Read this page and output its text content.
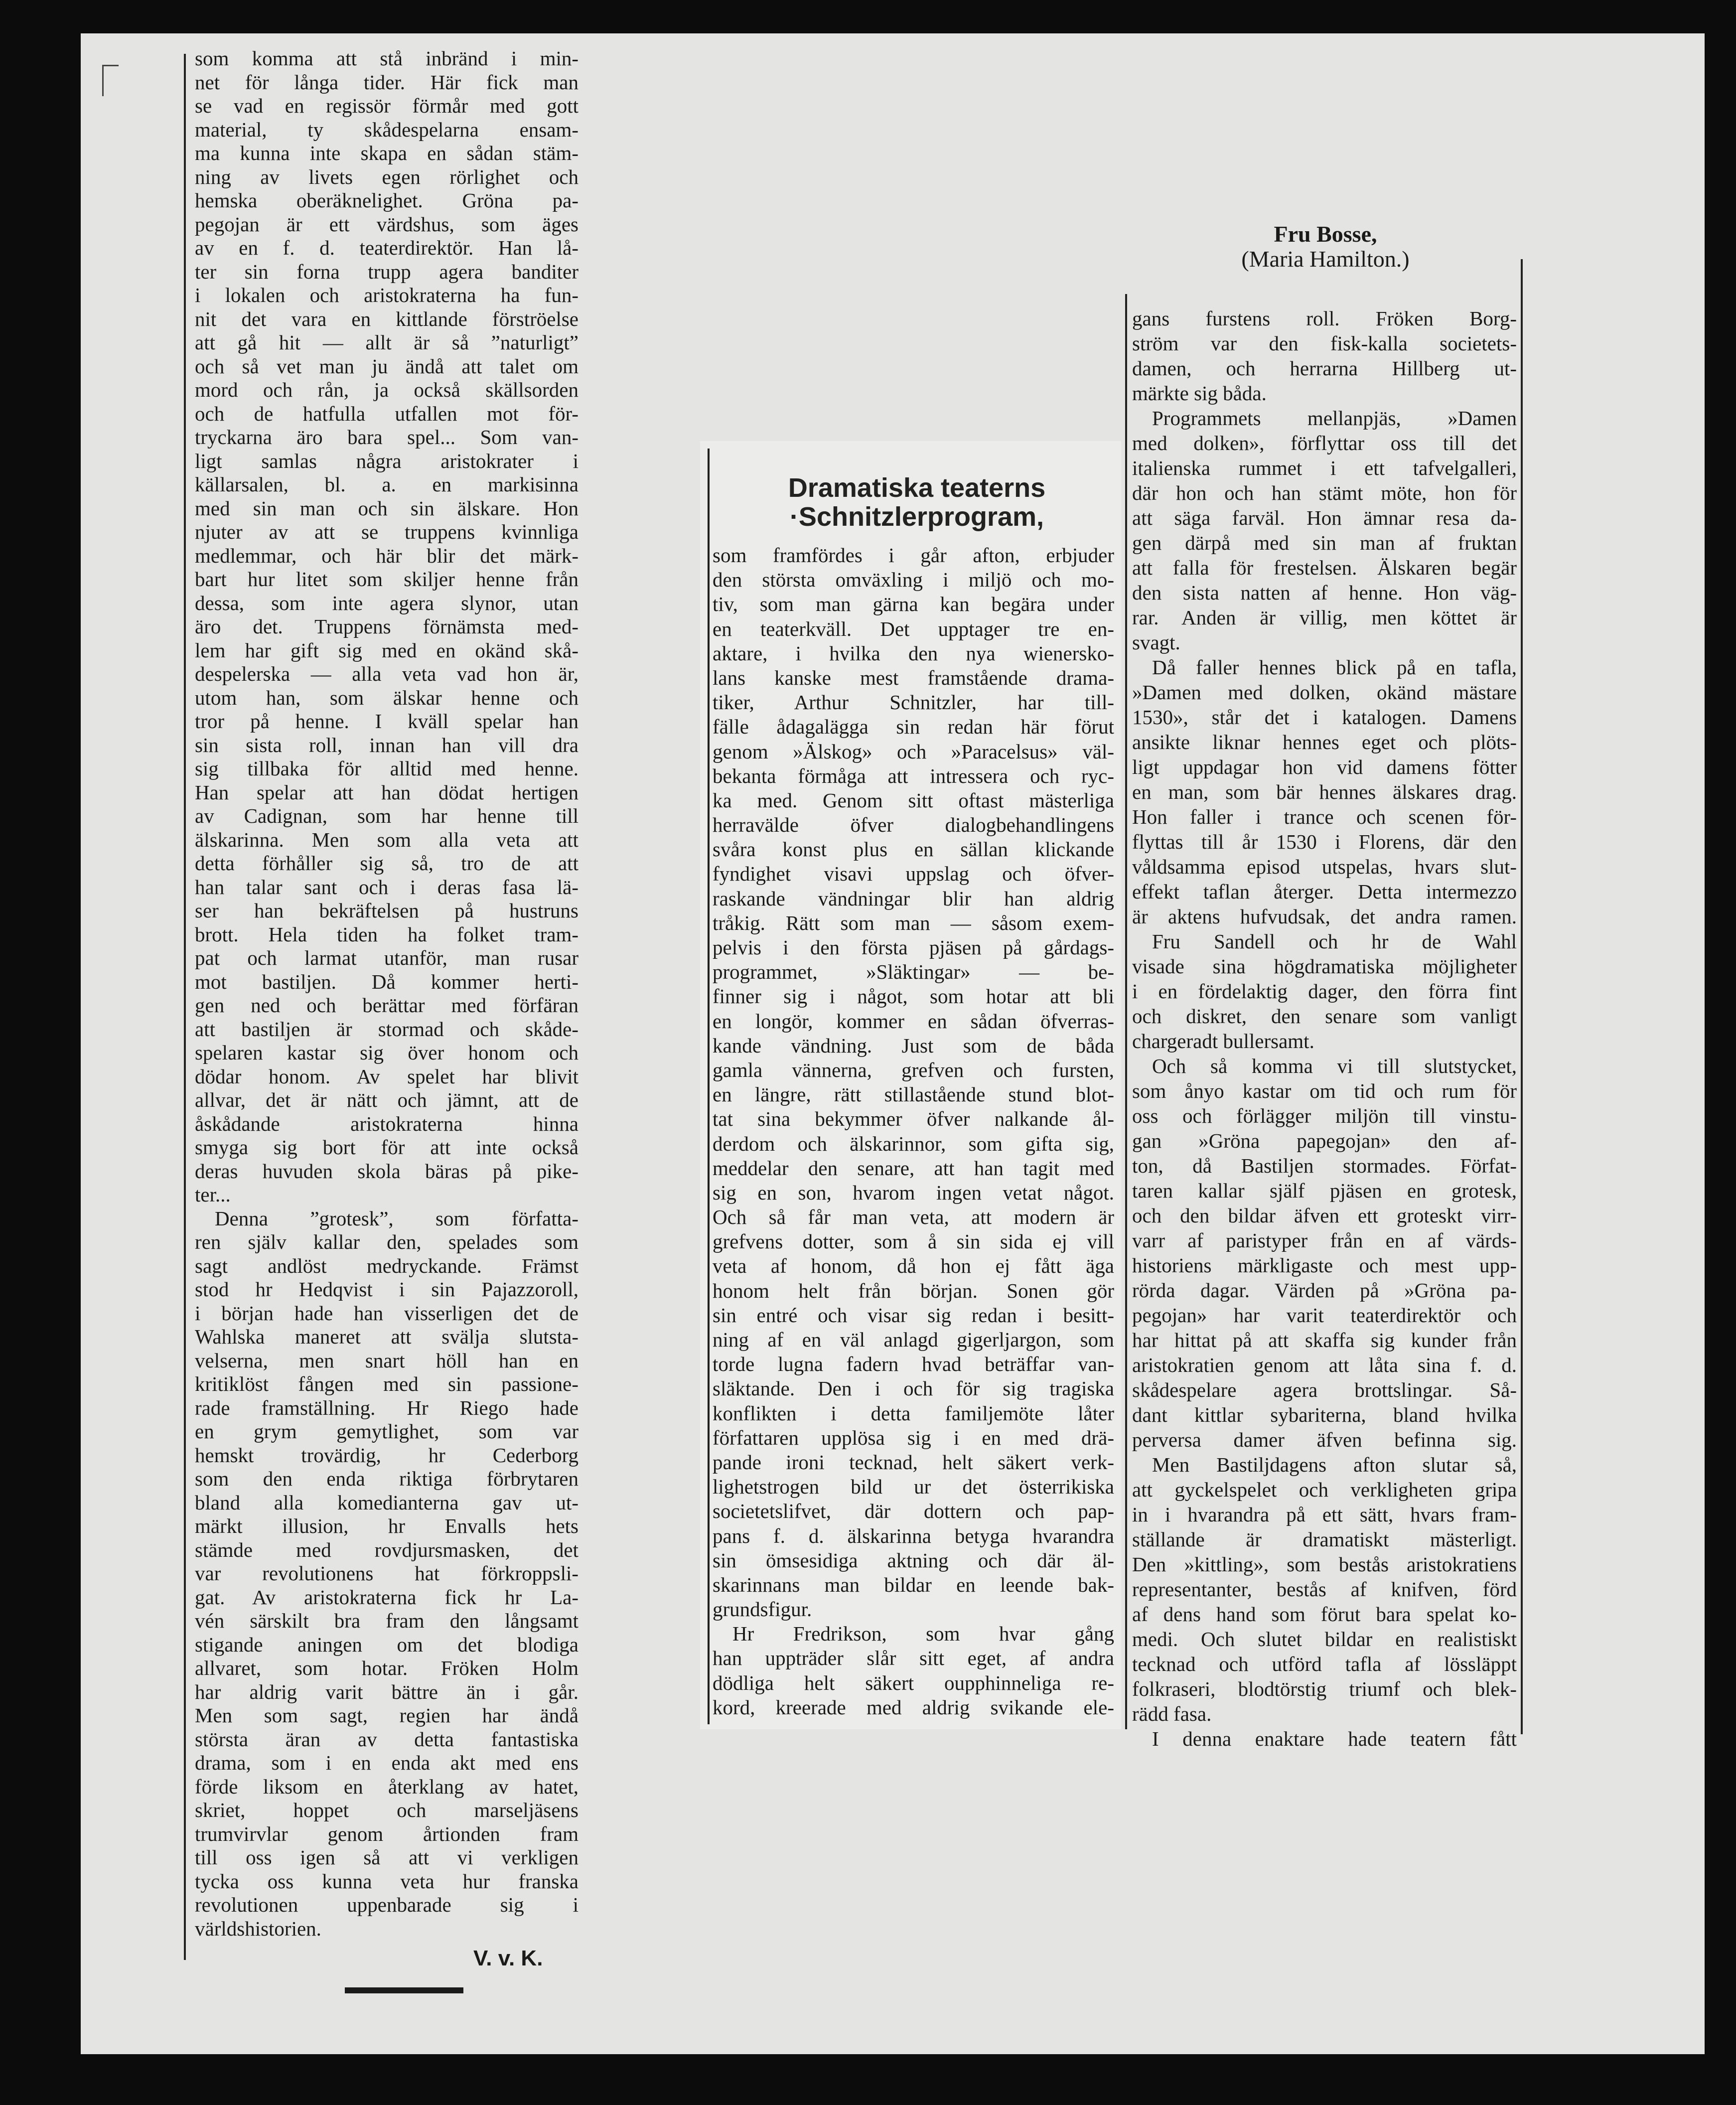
som komma att stå inbränd i min-
net för långa tider. Här fick man
se vad en regissör förmår med gott
material, ty skådespelarna ensam-
ma kunna inte skapa en sådan stäm-
ning av livets egen rörlighet och
hemska oberäknelighet. Gröna pa-
pegojan är ett värdshus, som äges
av en f. d. teaterdirektör. Han lå-
ter sin forna trupp agera banditer
i lokalen och aristokraterna ha fun-
nit det vara en kittlande förströelse
att gå hit — allt är så ”naturligt”
och så vet man ju ändå att talet om
mord och rån, ja också skällsorden
och de hatfulla utfallen mot för-
tryckarna äro bara spel... Som van-
ligt samlas några aristokrater i
källarsalen, bl. a. en markisinna
med sin man och sin älskare. Hon
njuter av att se truppens kvinnliga
medlemmar, och här blir det märk-
bart hur litet som skiljer henne från
dessa, som inte agera slynor, utan
äro det. Truppens förnämsta med-
lem har gift sig med en okänd skå-
despelerska — alla veta vad hon är,
utom han, som älskar henne och
tror på henne. I kväll spelar han
sin sista roll, innan han vill dra
sig tillbaka för alltid med henne.
Han spelar att han dödat hertigen
av Cadignan, som har henne till
älskarinna. Men som alla veta att
detta förhåller sig så, tro de att
han talar sant och i deras fasa lä-
ser han bekräftelsen på hustruns
brott. Hela tiden ha folket tram-
pat och larmat utanför, man rusar
mot bastiljen. Då kommer herti-
gen ned och berättar med förfäran
att bastiljen är stormad och skåde-
spelaren kastar sig över honom och
dödar honom. Av spelet har blivit
allvar, det är nätt och jämnt, att de
åskådande aristokraterna hinna
smyga sig bort för att inte också
deras huvuden skola bäras på pike-
ter...
Denna ”grotesk”, som författa-
ren själv kallar den, spelades som
sagt andlöst medryckande. Främst
stod hr Hedqvist i sin Pajazzoroll,
i början hade han visserligen det de
Wahlska maneret att svälja slutsta-
velserna, men snart höll han en
kritiklöst fången med sin passione-
rade framställning. Hr Riego hade
en grym gemytlighet, som var
hemskt trovärdig, hr Cederborg
som den enda riktiga förbrytaren
bland alla komedianterna gav ut-
märkt illusion, hr Envalls hets
stämde med rovdjursmasken, det
var revolutionens hat förkroppsli-
gat. Av aristokraterna fick hr La-
vén särskilt bra fram den långsamt
stigande aningen om det blodiga
allvaret, som hotar. Fröken Holm
har aldrig varit bättre än i går.
Men som sagt, regien har ändå
största äran av detta fantastiska
drama, som i en enda akt med ens
förde liksom en återklang av hatet,
skriet, hoppet och marseljäsens
trumvirvlar genom årtionden fram
till oss igen så att vi verkligen
tycka oss kunna veta hur franska
revolutionen uppenbarade sig i
världshistorien.
V. v. K.
Dramatiska teaterns
·Schnitzlerprogram,
som framfördes i går afton, erbjuder
den största omväxling i miljö och mo-
tiv, som man gärna kan begära under
en teaterkväll. Det upptager tre en-
aktare, i hvilka den nya wienersko-
lans kanske mest framstående drama-
tiker, Arthur Schnitzler, har till-
fälle ådagalägga sin redan här förut
genom »Älskog» och »Paracelsus» väl-
bekanta förmåga att intressera och ryc-
ka med. Genom sitt oftast mästerliga
herravälde öfver dialogbehandlingens
svåra konst plus en sällan klickande
fyndighet visavi uppslag och öfver-
raskande vändningar blir han aldrig
tråkig. Rätt som man — såsom exem-
pelvis i den första pjäsen på gårdags-
programmet, »Släktingar» — be-
finner sig i något, som hotar att bli
en longör, kommer en sådan öfverras-
kande vändning. Just som de båda
gamla vännerna, grefven och fursten,
en längre, rätt stillastående stund blot-
tat sina bekymmer öfver nalkande ål-
derdom och älskarinnor, som gifta sig,
meddelar den senare, att han tagit med
sig en son, hvarom ingen vetat något.
Och så får man veta, att modern är
grefvens dotter, som å sin sida ej vill
veta af honom, då hon ej fått äga
honom helt från början. Sonen gör
sin entré och visar sig redan i besitt-
ning af en väl anlagd gigerljargon, som
torde lugna fadern hvad beträffar van-
släktande. Den i och för sig tragiska
konflikten i detta familjemöte låter
författaren upplösa sig i en med drä-
pande ironi tecknad, helt säkert verk-
lighetstrogen bild ur det österrikiska
societetslifvet, där dottern och pap-
pans f. d. älskarinna betyga hvarandra
sin ömsesidiga aktning och där äl-
skarinnans man bildar en leende bak-
grundsfigur.
Hr Fredrikson, som hvar gång
han uppträder slår sitt eget, af andra
dödliga helt säkert oupphinneliga re-
kord, kreerade med aldrig svikande ele-
Fru Bosse,
(Maria Hamilton.)
gans furstens roll. Fröken Borg-
ström var den fisk-kalla societets-
damen, och herrarna Hillberg ut-
märkte sig båda.
Programmets mellanpjäs, »Damen
med dolken», förflyttar oss till det
italienska rummet i ett tafvelgalleri,
där hon och han stämt möte, hon för
att säga farväl. Hon ämnar resa da-
gen därpå med sin man af fruktan
att falla för frestelsen. Älskaren begär
den sista natten af henne. Hon väg-
rar. Anden är villig, men köttet är
svagt.
Då faller hennes blick på en tafla,
»Damen med dolken, okänd mästare
1530», står det i katalogen. Damens
ansikte liknar hennes eget och plöts-
ligt uppdagar hon vid damens fötter
en man, som bär hennes älskares drag.
Hon faller i trance och scenen för-
flyttas till år 1530 i Florens, där den
våldsamma episod utspelas, hvars slut-
effekt taflan återger. Detta intermezzo
är aktens hufvudsak, det andra ramen.
Fru Sandell och hr de Wahl
visade sina högdramatiska möjligheter
i en fördelaktig dager, den förra fint
och diskret, den senare som vanligt
chargeradt bullersamt.
Och så komma vi till slutstycket,
som ånyo kastar om tid och rum för
oss och förlägger miljön till vinstu-
gan »Gröna papegojan» den af-
ton, då Bastiljen stormades. Förfat-
taren kallar själf pjäsen en grotesk,
och den bildar äfven ett groteskt virr-
varr af paristyper från en af värds-
historiens märkligaste och mest upp-
rörda dagar. Värden på »Gröna pa-
pegojan» har varit teaterdirektör och
har hittat på att skaffa sig kunder från
aristokratien genom att låta sina f. d.
skådespelare agera brottslingar. Så-
dant kittlar sybariterna, bland hvilka
perversa damer äfven befinna sig.
Men Bastiljdagens afton slutar så,
att gyckelspelet och verkligheten gripa
in i hvarandra på ett sätt, hvars fram-
ställande är dramatiskt mästerligt.
Den »kittling», som bestås aristokratiens
representanter, bestås af knifven, förd
af dens hand som förut bara spelat ko-
medi. Och slutet bildar en realistiskt
tecknad och utförd tafla af lössläppt
folkraseri, blodtörstig triumf och blek-
rädd fasa.
I denna enaktare hade teatern fått
